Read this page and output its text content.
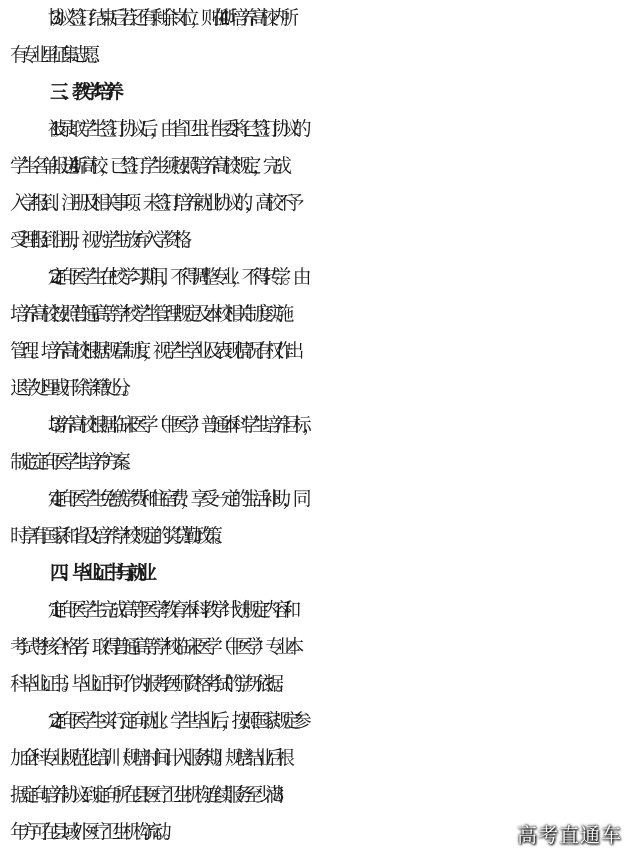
3. 协议签订结束后若还有剩余岗位，则在 4 所培养高校内所
有专业里征集志愿。
三、教学培养
1. 被录取学生签订协议后，由省卫生计生委将已签订协议的
学生名单报送 4 所高校，已签订学生须按照培养高校规定，完成
入学报到、注册及相关事项。未签订培养就业协议的，高校不予
受理报到注册，视为学生放弃入学资格。
2. 定向医学生在校学习期间，不得调整专业，不得转学。由
培养高校按照普通高等学校学生管理规定及本校相关制度实施
管理。培养高校根据规章制度，视学生学业及表现情况有权作出
退学处理或开除学籍处分。
3. 培养高校根据临床医学（中医学）普通本科学生培养目标，
制定定向医学生培养方案。
4. 定向医学生免缴学费和住宿费，享受一定的生活补助，同
时享有国家和省及培养学校规定的奖贷勤政策。
四、毕业证书与就业
1. 定向医学生完成高等医学教育本科教学计划规定内容和
考试考核合格者，取得普通高等学校临床医学（中医学）专业本
科毕业证书。毕业证书可作为报考医师资格考试的学历依据。
2. 定向医学生实行定向就业。学生毕业后，按照国家规定参
加全科专业规范化培训（规培时间计入服务期）。规培结业后根
据定向培养协议到定向所在县医疗卫生机构连续服务至少满 3
年方可在县域外医疗卫生机构流动。	高考直通车
